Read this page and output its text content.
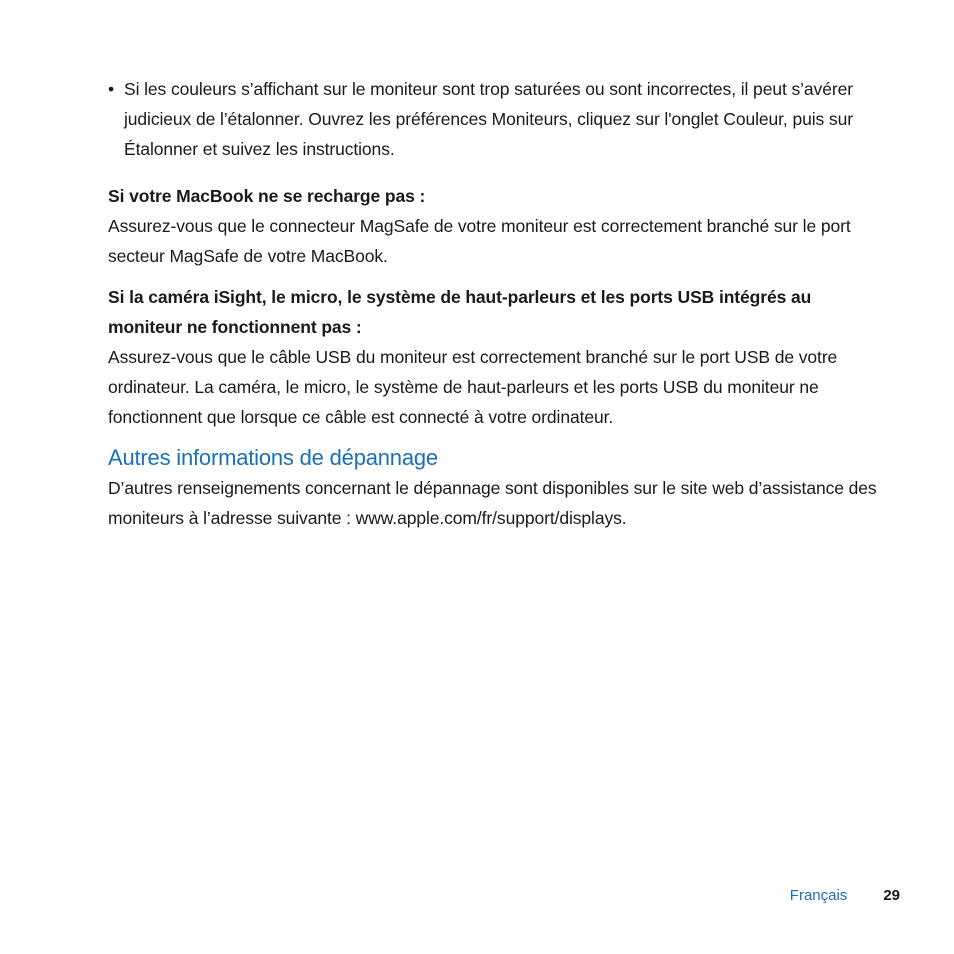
• Si les couleurs s’affichant sur le moniteur sont trop saturées ou sont incorrectes, il peut s’avérer judicieux de l’étalonner. Ouvrez les préférences Moniteurs, cliquez sur l'onglet Couleur, puis sur Étalonner et suivez les instructions.
Si votre MacBook ne se recharge pas :
Assurez-vous que le connecteur MagSafe de votre moniteur est correctement branché sur le port secteur MagSafe de votre MacBook.
Si la caméra iSight, le micro, le système de haut-parleurs et les ports USB intégrés au moniteur ne fonctionnent pas :
Assurez-vous que le câble USB du moniteur est correctement branché sur le port USB de votre ordinateur. La caméra, le micro, le système de haut-parleurs et les ports USB du moniteur ne fonctionnent que lorsque ce câble est connecté à votre ordinateur.
Autres informations de dépannage

D’autres renseignements concernant le dépannage sont disponibles sur le site web d’assistance des moniteurs à l’adresse suivante : www.apple.com/fr/support/displays.

Français 29
